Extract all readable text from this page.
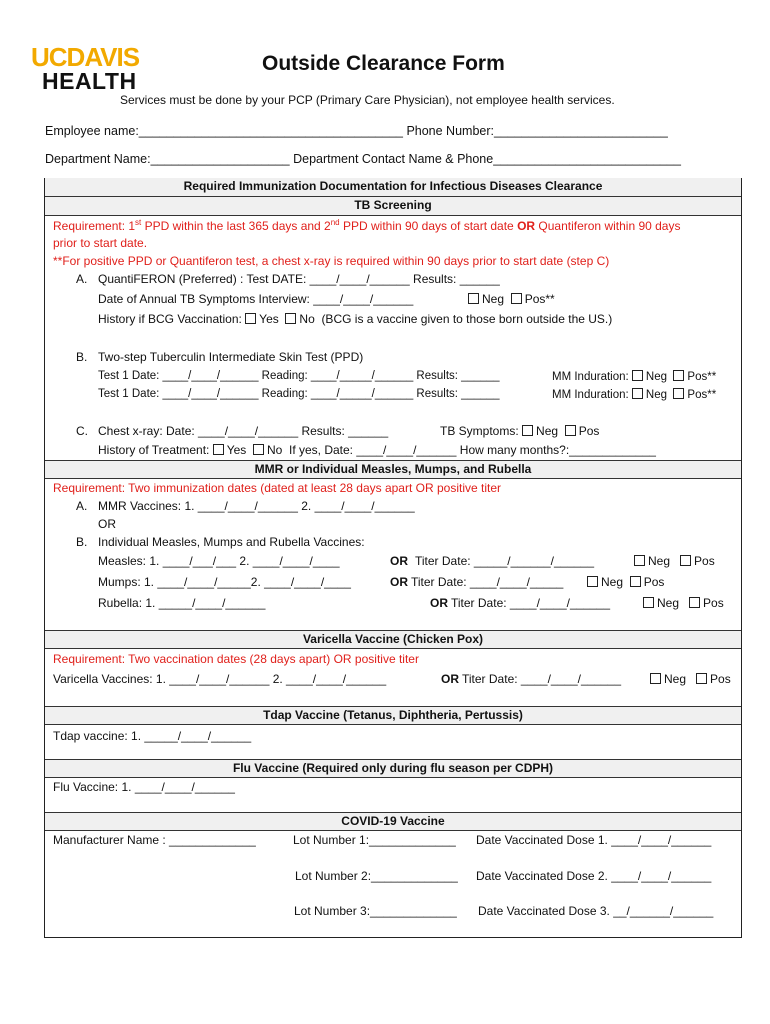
UCDAVIS
HEALTH
Outside Clearance Form
Services must be done by your PCP (Primary Care Physician), not employee health services.
Employee name:______________________________________ Phone Number:_________________________
Department Name:____________________ Department Contact Name & Phone___________________________
Required Immunization Documentation for Infectious Diseases Clearance
TB Screening
Requirement: 1st PPD within the last 365 days and 2nd PPD within 90 days of start date OR Quantiferon within 90 days
prior to start date.
**For positive PPD or Quantiferon test, a chest x-ray is required within 90 days prior to start date (step C)
A. QuantiFERON (Preferred) : Test DATE: ____/____/______ Results: ______
Date of Annual TB Symptoms Interview: ____/____/______	Neg Pos**
History if BCG Vaccination: Yes No (BCG is a vaccine given to those born outside the US.)
B. Two-step Tuberculin Intermediate Skin Test (PPD)
Test 1 Date: ____/____/______ Reading: ____/_____/______ Results: ______	MM Induration: Neg Pos**
Test 1 Date: ____/____/______ Reading: ____/_____/______ Results: ______	MM Induration: Neg Pos**
C. Chest x-ray: Date: ____/____/______ Results: ______	TB Symptoms: Neg Pos
History of Treatment: Yes No If yes, Date: ____/____/______ How many months?:_____________
MMR or Individual Measles, Mumps, and Rubella
Requirement: Two immunization dates (dated at least 28 days apart OR positive titer
A. MMR Vaccines: 1. ____/____/______ 2. ____/____/______
OR
B. Individual Measles, Mumps and Rubella Vaccines:
Measles: 1. ____/___/___ 2. ____/____/____	OR Titer Date: _____/______/______	Neg Pos
Mumps: 1. ____/____/_____2. ____/____/____	OR Titer Date: ____/____/_____	Neg Pos
Rubella: 1. _____/____/______	OR Titer Date: ____/____/______	Neg Pos
Varicella Vaccine (Chicken Pox)
Requirement: Two vaccination dates (28 days apart) OR positive titer
Varicella Vaccines: 1. ____/____/______ 2. ____/____/______	OR Titer Date: ____/____/______	Neg Pos
Tdap Vaccine (Tetanus, Diphtheria, Pertussis)
Tdap vaccine: 1. _____/____/______
Flu Vaccine (Required only during flu season per CDPH)
Flu Vaccine: 1. ____/____/______
COVID-19 Vaccine
Manufacturer Name : _____________	Lot Number 1:_____________ Date Vaccinated Dose 1. ____/____/______
Lot Number 2:_____________ Date Vaccinated Dose 2. ____/____/______
Lot Number 3:_____________ Date Vaccinated Dose 3. __/______/______
